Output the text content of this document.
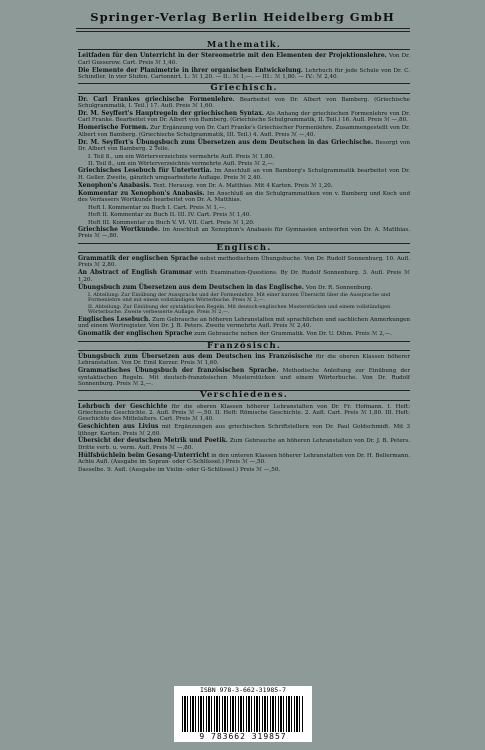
Springer-Verlag Berlin Heidelberg GmbH
Mathematik.
Leitfaden für den Unterricht in der Stereometrie mit den Elementen der Projektionslehre. Von Dr. Carl Gusserow. Cart. Preis ℳ 1,40.
Die Elemente der Planimetrie in ihrer organischen Entwickelung. Lehrbuch für jede Schule von Dr. C. Schindler. In vier Stufen. Cartonnirt. I.: ℳ 1,20. — II.: ℳ 1,—. — III.: ℳ 1,80. — IV.: ℳ 2,40.
Griechisch.
Dr. Carl Frankes griechische Formenlehre. Bearbeitet von Dr. Albert von Bamberg. (Griechische Schulgrammatik, I. Teil.) 17. Aufl. Preis ℳ 1,60.
Dr. M. Seyffert's Hauptregeln der griechischen Syntax. Als Anhang der griechischen Formenlehre von Dr. Carl Franke. Bearbeitet von Dr. Albert von Bamberg. (Griechische Schulgrammatik, II. Teil.) 16. Aufl. Preis ℳ —,80.
Homerische Formen. Zur Ergänzung von Dr. Carl Franke's Griechischer Formenlehre. Zusammengestellt von Dr. Albert von Bamberg. (Griechische Schulgrammatik, III. Teil.) 4. Aufl. Preis ℳ —,40.
Dr. M. Seyffert's Übungsbuch zum Übersetzen aus dem Deutschen in das Griechische. Besorgt von Dr. Albert von Bamberg. 2 Teile.
I. Teil 8., um ein Wörterverzeichnis vermehrte Aufl. Preis ℳ 1,80.
II. Teil 8., um ein Wörterverzeichnis vermehrte Aufl. Preis ℳ 2,—.
Griechisches Lesebuch für Untertertia. Im Anschluß an von Bamberg's Schulgrammatik bearbeitet von Dr. H. Geller. Zweite, gänzlich umgearbeitete Auflage. Preis ℳ 2,40.
Xenophon's Anabasis. Text. Herausg. von Dr. A. Matthias. Mit 4 Karten. Preis ℳ 1,20.
Kommentar zu Xenophon's Anabasis. Im Anschluß an die Schulgrammatiken von v. Bamberg und Koch und des Verfassers Wortkunde bearbeitet von Dr. A. Matthias.
Heft I. Kommentar zu Buch I. Cart. Preis ℳ 1,—.
Heft II. Kommentar zu Buch II. III. IV. Cart. Preis ℳ 1,40.
Heft III. Kommentar zu Buch V. VI. VII. Cart. Preis ℳ 1,20.
Griechische Wortkunde. Im Anschluß an Xenophon's Anabasis für Gymnasien entworfen von Dr. A. Matthias. Preis ℳ —,80.
Englisch.
Grammatik der englischen Sprache nebst methodischem Übungsbuche. Von Dr. Rudolf Sonnenburg. 10. Aufl. Preis ℳ 2,80.
An Abstract of English Grammar with Examination-Questions. By Dr. Rudolf Sonnenburg. 3. Aufl. Preis ℳ 1,20.
Übungsbuch zum Übersetzen aus dem Deutschen in das Englische. Von Dr. R. Sonnenburg.
I. Abteilung: Zur Einübung der Aussprache und der Formenlehre. Mit einer kurzen Übersicht über die Aussprache und Formenlehre und mit einem vollständigen Wörterbuche. Preis ℳ 2,—.
II. Abteilung: Zur Einübung der syntaktischen Regeln. Mit deutsch-englischen Musterstücken und einem vollständigen Wörterbuche. Zweite verbesserte Auflage. Preis ℳ 2,—.
Englisches Lesebuch. Zum Gebrauche an höheren Lehranstalten mit sprachlichen und sachlichen Anmerkungen und einem Wortregister. Von Dr. J. B. Peters. Zweite vermehrte Aufl. Preis ℳ 2,40.
Gnomatik der englischen Sprache zum Gebrauche neben der Grammatik. Von Dr. U. Dihm. Preis ℳ 2,—.
Französisch.
Übungsbuch zum Übersetzen aus dem Deutschen ins Französische für die oberen Klassen höherer Lehranstalten. Von Dr. Emil Kurzer. Preis ℳ 1,60.
Grammatisches Übungsbuch der französischen Sprache. Methodische Anleitung zur Einübung der syntaktischen Regeln. Mit deutsch-französischen Musterstücken und einem Wörterbuche. Von Dr. Rudolf Sonnenburg. Preis ℳ 2,—.
Verschiedenes.
Lehrbuch der Geschichte für die oberen Klassen höherer Lehranstalten von Dr. Fr. Hofmann. I. Heft: Griechische Geschichte. 2. Aufl. Preis ℳ —,50. II. Heft: Römische Geschichte. 2. Aufl. Cart. Preis ℳ 1,80. III. Heft: Geschichte des Mittelalters. Cart. Preis ℳ 1,40.
Geschichten aus Livius mit Ergänzungen aus griechischen Schriftstellern von Dr. Paul Goldschmidt. Mit 3 lithogr. Karten. Preis ℳ 2,60.
Übersicht der deutschen Metrik und Poetik. Zum Gebrauche an höheren Lehranstalten von Dr. J. B. Peters. Dritte verb. u. verm. Aufl. Preis ℳ —,80.
Hülfsbüchlein beim Gesang-Unterricht in den unteren Klassen höherer Lehranstalten von Dr. H. Bellermann. Achte Aufl. (Ausgabe im Sopran- oder C-Schlüssel.) Preis ℳ —,50.
Dasselbe. 9. Aufl. (Ausgabe im Violin- oder G-Schlüssel.) Preis ℳ —,50.
ISBN 978-3-662-31985-7
9 783662 319857
